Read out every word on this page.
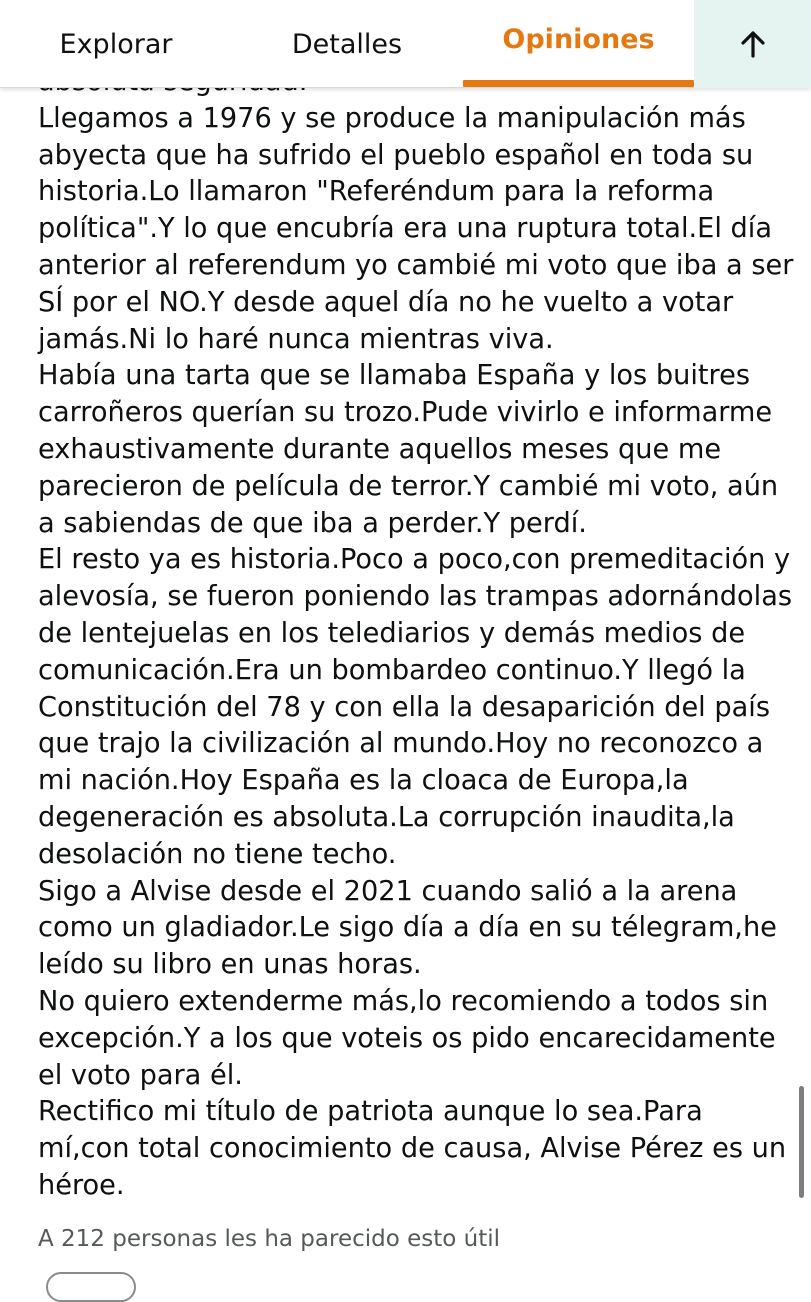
Llegamos a 1976 y se produce la manipulación más

abyecta que ha sufrido el pueblo español en toda su

historia.Lo llamaron "Referéndum para la reforma

política".Y lo que encubría era una ruptura total.El día

anterior al referendum yo cambié mi voto que iba a ser

SÍ por el NO.Y desde aquel día no he vuelto a votar

jamás.Ni lo haré nunca mientras viva.

Había una tarta que se llamaba España y los buitres

carroñeros querían su trozo.Pude vivirlo e informarme

exhaustivamente durante aquellos meses que me

parecieron de película de terror.Y cambié mi voto, aún

a sabiendas de que iba a perder.Y perdí.

El resto ya es historia.Poco a poco,con premeditación y

alevosía, se fueron poniendo las trampas adornándolas

de lentejuelas en los telediarios y demás medios de

comunicación.Era un bombardeo continuo.Y llegó la

Constitución del 78 y con ella la desaparición del país

que trajo la civilización al mundo.Hoy no reconozco a

mi nación.Hoy España es la cloaca de Europa,la

degeneración es absoluta.La corrupción inaudita,la

desolación no tiene techo.

Sigo a Alvise desde el 2021 cuando salió a la arena

como un gladiador.Le sigo día a día en su télegram,he

leído su libro en unas horas.

No quiero extenderme más,lo recomiendo a todos sin

excepción.Y a los que voteis os pido encarecidamente

el voto para él.

Rectifico mi título de patriota aunque lo sea.Para

mí,con total conocimiento de causa, Alvise Pérez es un

héroe.

A 212 personas les ha parecido esto útil
Explorar	Detalles	Opiniones
